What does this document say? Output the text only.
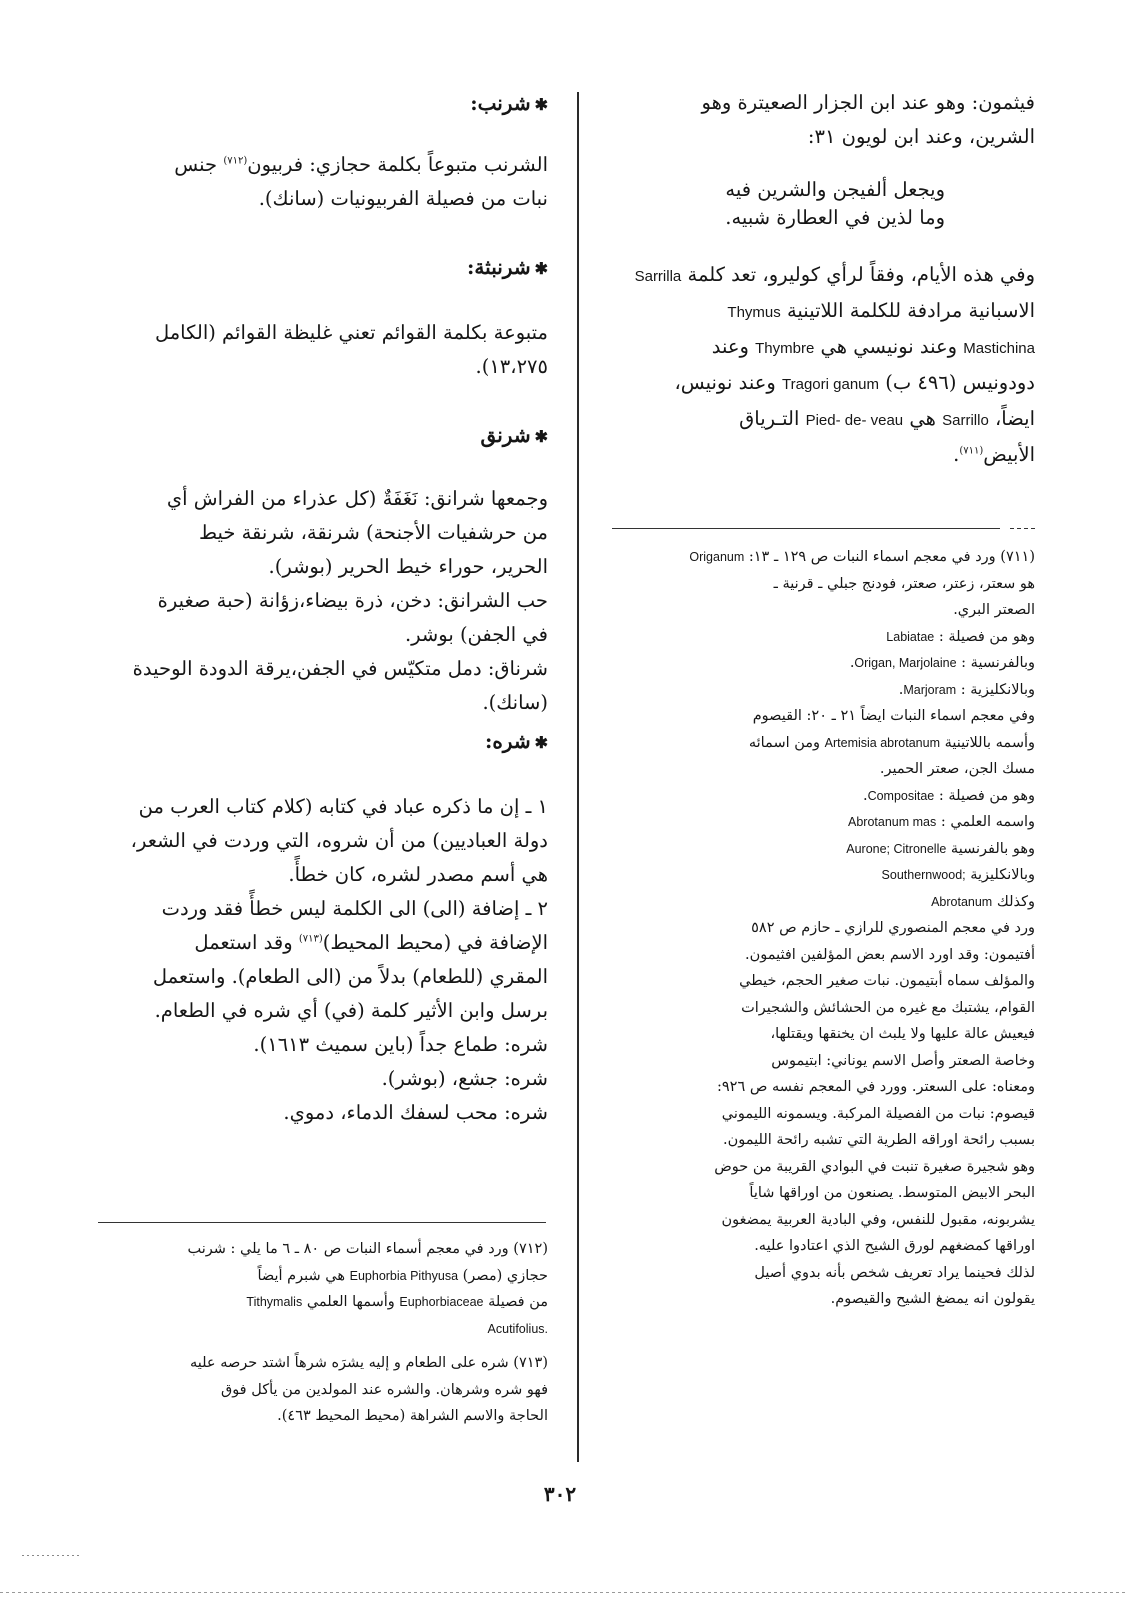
فيثمون: وهو عند ابن الجزار الصعيترة وهو

الشرين، وعند ابن لويون ٣١:

ويجعل ألفيجن والشرين فيه
وما لذين في العطارة شبيه.

وفي هذه الأيام، وفقاً لرأي كوليرو، تعد كلمة Sarrilla

الاسبانية مرادفة للكلمة اللاتينية Thymus

Mastichina وعند نونيسي هي Thymbre وعند

دودونيس (٤٩٦ ب) Tragori ganum وعند نونيس،

ايضاً، Sarrillo هي Pied- de- veau التـرياق

الأبيض$^{(٧١١)}$.

(٧١١) ورد في معجم اسماء النبات ص ١٢٩ ـ ١٣: Origanum

هو سعتر، زعتر، صعتر، فودنج جبلي ـ قرنية ـ

الصعتر البري.

وهو من فصيلة : Labiatae

وبالفرنسية : Origan, Marjolaine.

وبالانكليزية : Marjoram.

وفي معجم اسماء النبات ايضاً ٢١ ـ ٢٠: القيصوم

وأسمه باللاتينية Artemisia abrotanum ومن اسمائه

مسك الجن، صعتر الحمير.

وهو من فصيلة : Compositae.

واسمه العلمي : Abrotanum mas

وهو بالفرنسية Aurone; Citronelle

وبالانكليزية Southernwood;

وكذلك Abrotanum

ورد في معجم المنصوري للرازي ـ حازم ص ٥٨٢

أفتيمون: وقد اورد الاسم بعض المؤلفين افثيمون.

والمؤلف سماه أبتيمون. نبات صغير الحجم، خيطي

القوام، يشتبك مع غيره من الحشائش والشجيرات

فيعيش عالة عليها ولا يلبث ان يخنقها ويقتلها،

وخاصة الصعتر وأصل الاسم يوناني: ابتيموس

ومعناه: على السعتر. وورد في المعجم نفسه ص ٩٢٦:

قيصوم: نبات من الفصيلة المركبة. ويسمونه الليموني

بسبب رائحة اوراقه الطرية التي تشبه رائحة الليمون.

وهو شجيرة صغيرة تنبت في البوادي القريبة من حوض

البحر الابيض المتوسط. يصنعون من اوراقها شاياً

يشربونه، مقبول للنفس، وفي البادية العربية يمضغون

اوراقها كمضغهم لورق الشيح الذي اعتادوا عليه.

لذلك فحينما يراد تعريف شخص بأنه بدوي أصيل

يقولون انه يمضغ الشيح والقيصوم.

✱شرنب:

الشرنب متبوعاً بكلمة حجازي: فربيون$^{(٧١٢)}$ جنس

نبات من فصيلة الفربيونيات (سانك).

✱شرنبثة:

متبوعة بكلمة القوائم تعني غليظة القوائم (الكامل

١٣،٢٧٥).

✱شرنق

وجمعها شرانق: نَغَفَةٌ (كل عذراء من الفراش أي

من حرشفيات الأجنحة) شرنقة، شرنقة خيط

الحرير، حوراء خيط الحرير (بوشر).

حب الشرانق: دخن، ذرة بيضاء،زؤانة (حبة صغيرة

في الجفن) بوشر.

شرناق: دمل متكيّس في الجفن،يرقة الدودة الوحيدة

(سانك).

✱شره:

١ ـ إن ما ذكره عباد في كتابه (كلام كتاب العرب من

دولة العباديين) من أن شروه، التي وردت في الشعر،

هي أسم مصدر لشره، كان خطأً.

٢ ـ إضافة (الى) الى الكلمة ليس خطأً فقد وردت

الإضافة في (محيط المحيط)$^{(٧١٣)}$ وقد استعمل

المقري (للطعام) بدلاً من (الى الطعام). واستعمل

برسل وابن الأثير كلمة (في) أي شره في الطعام.

شره: طماع جداً (باين سميث ١٦١٣).

شره: جشع، (بوشر).

شره: محب لسفك الدماء، دموي.

(٧١٢) ورد في معجم أسماء النبات ص ٨٠ ـ ٦ ما يلي : شرنب

حجازي (مصر) Euphorbia Pithyusa هي شبرم أيضاً

من فصيلة Euphorbiaceae وأسمها العلمي Tithymalis

Acutifolius.

(٧١٣) شره على الطعام و إليه يشرَه شرهاً اشتد حرصه عليه

فهو شره وشرهان. والشره عند المولدين من يأكل فوق

الحاجة والاسم الشراهة (محيط المحيط ٤٦٣).

٣٠٢
